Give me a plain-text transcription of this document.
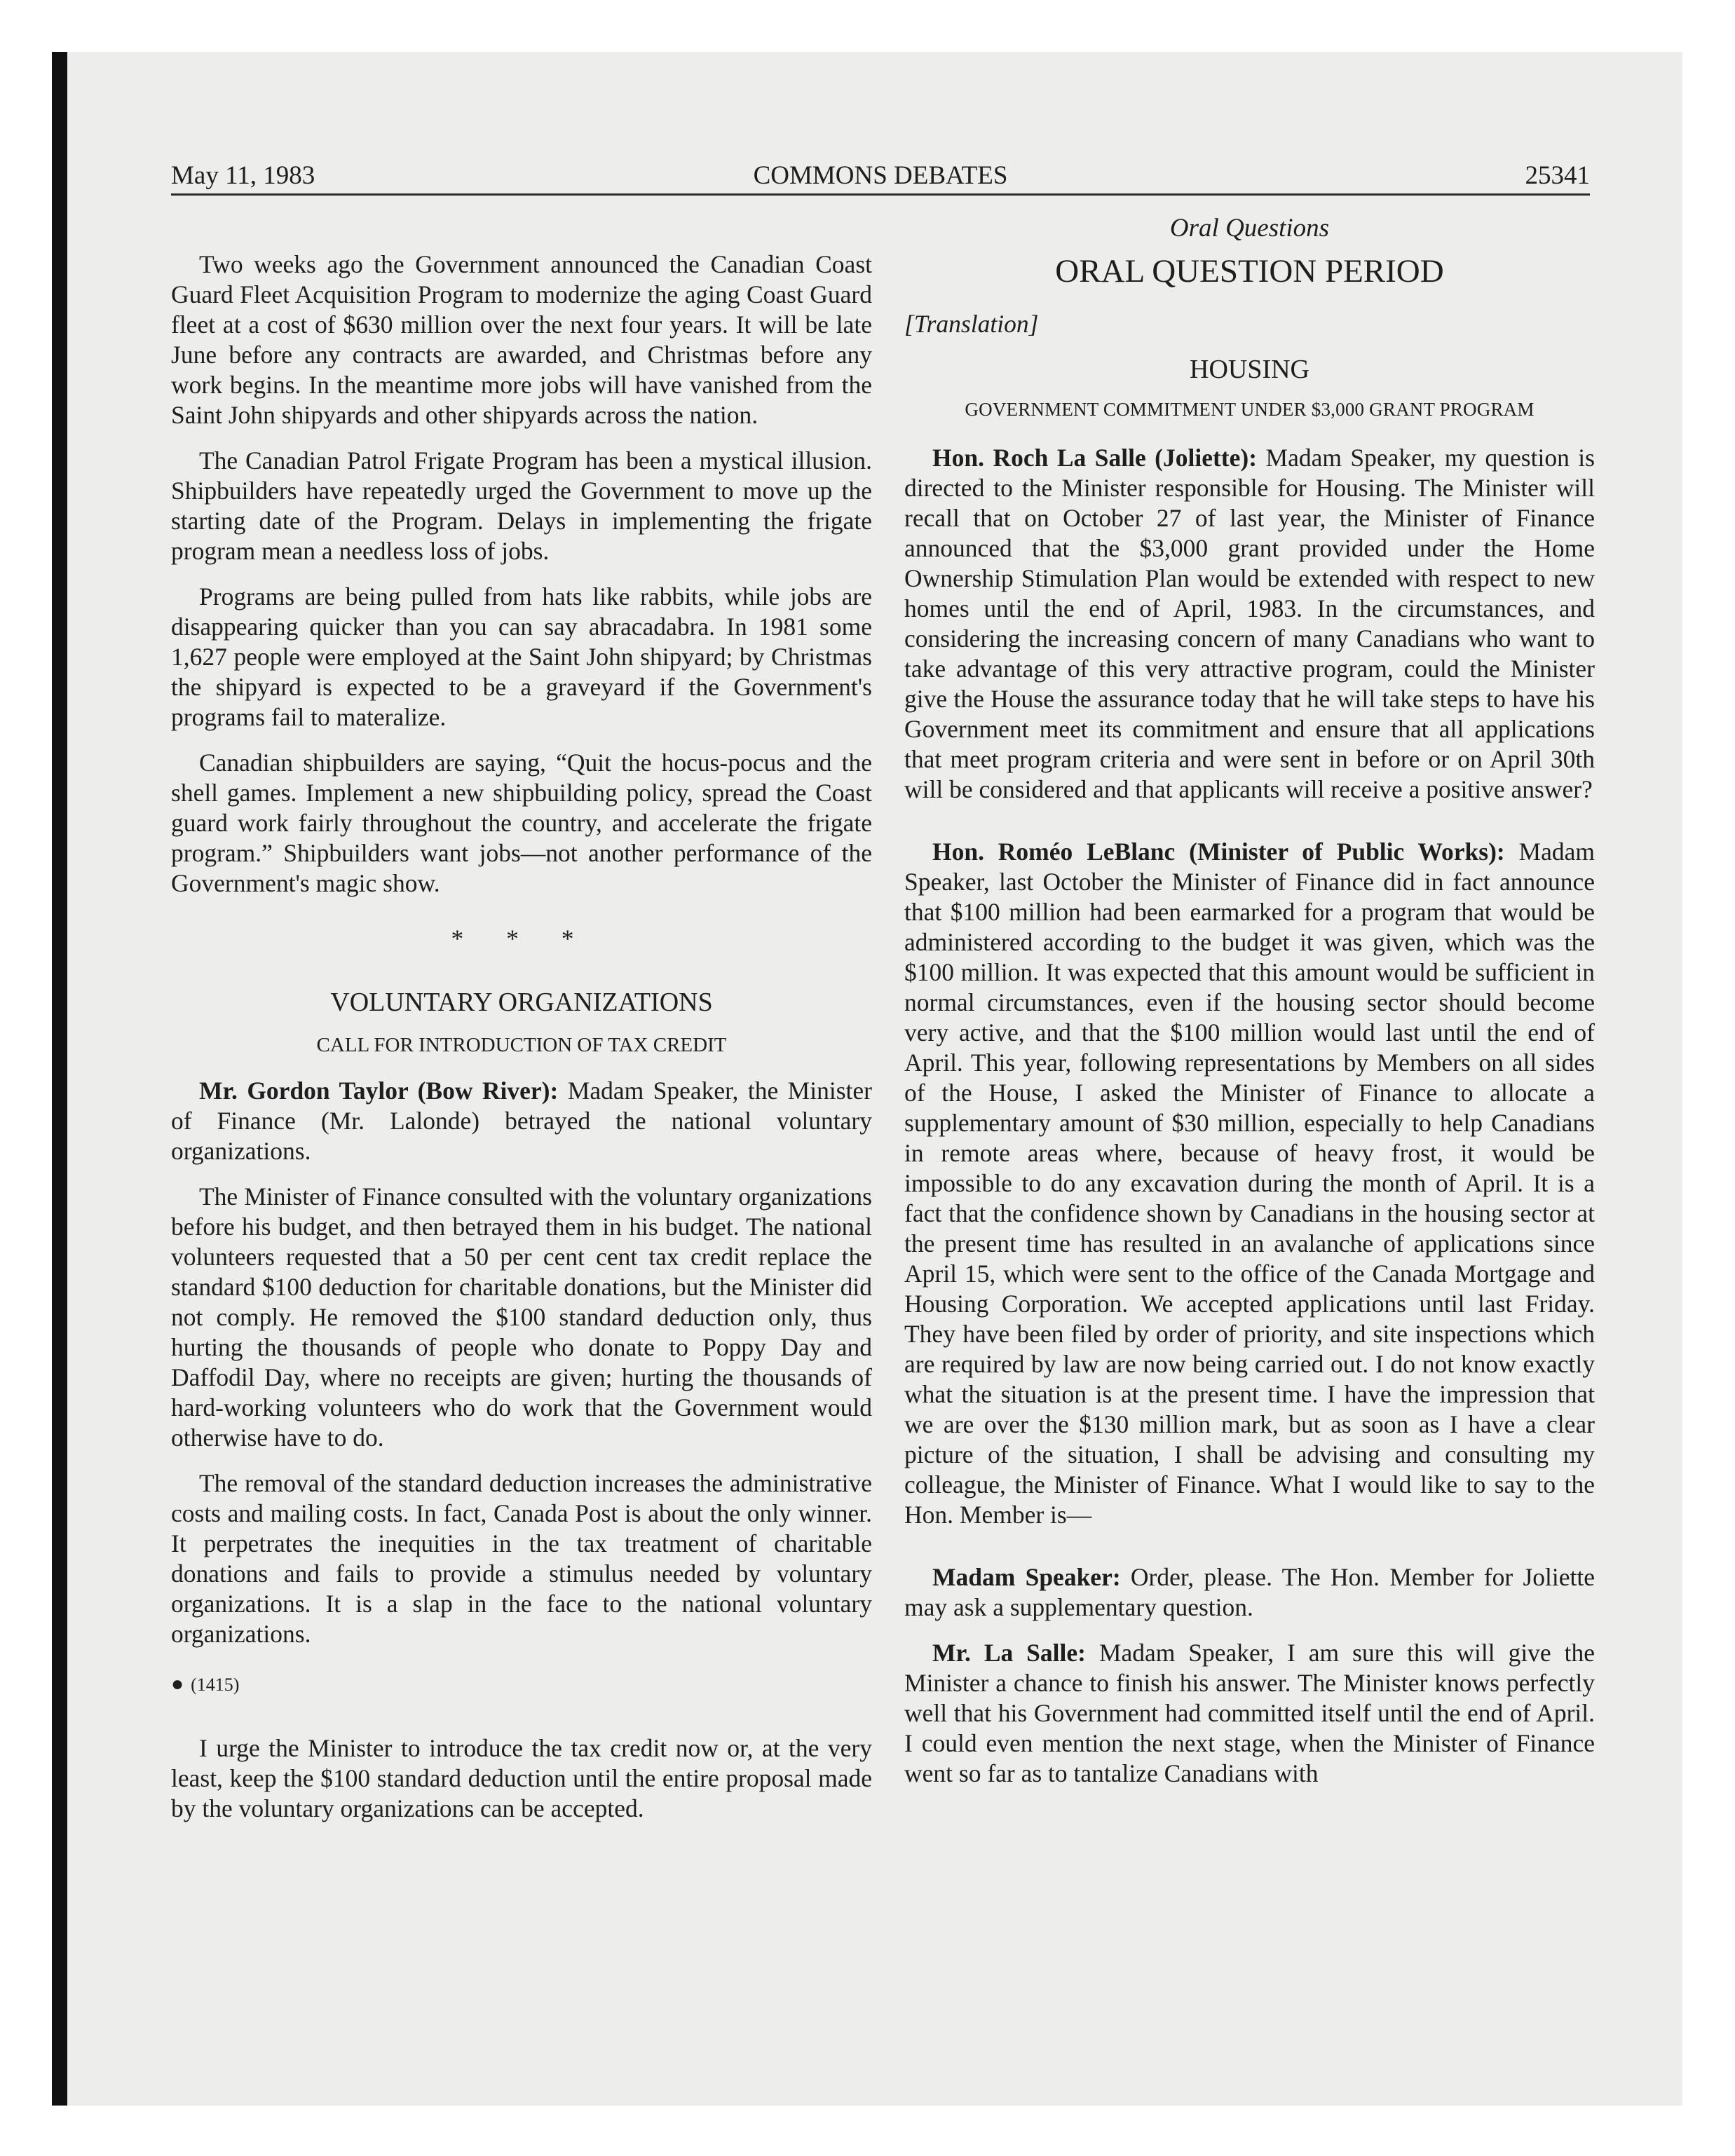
May 11, 1983	COMMONS DEBATES	25341

Two weeks ago the Government announced the Canadian Coast Guard Fleet Acquisition Program to modernize the aging Coast Guard fleet at a cost of $630 million over the next four years. It will be late June before any contracts are awarded, and Christmas before any work begins. In the meantime more jobs will have vanished from the Saint John shipyards and other shipyards across the nation.

The Canadian Patrol Frigate Program has been a mystical illusion. Shipbuilders have repeatedly urged the Government to move up the starting date of the Program. Delays in implementing the frigate program mean a needless loss of jobs.

Programs are being pulled from hats like rabbits, while jobs are disappearing quicker than you can say abracadabra. In 1981 some 1,627 people were employed at the Saint John shipyard; by Christmas the shipyard is expected to be a graveyard if the Government's programs fail to materalize.

Canadian shipbuilders are saying, “Quit the hocus-pocus and the shell games. Implement a new shipbuilding policy, spread the Coast guard work fairly throughout the country, and accelerate the frigate program.” Shipbuilders want jobs—not another performance of the Government's magic show.

* * *
VOLUNTARY ORGANIZATIONS
CALL FOR INTRODUCTION OF TAX CREDIT

Mr. Gordon Taylor (Bow River): Madam Speaker, the Minister of Finance (Mr. Lalonde) betrayed the national voluntary organizations.

The Minister of Finance consulted with the voluntary organizations before his budget, and then betrayed them in his budget. The national volunteers requested that a 50 per cent cent tax credit replace the standard $100 deduction for charitable donations, but the Minister did not comply. He removed the $100 standard deduction only, thus hurting the thousands of people who donate to Poppy Day and Daffodil Day, where no receipts are given; hurting the thousands of hard-working volunteers who do work that the Government would otherwise have to do.

The removal of the standard deduction increases the administrative costs and mailing costs. In fact, Canada Post is about the only winner. It perpetrates the inequities in the tax treatment of charitable donations and fails to provide a stimulus needed by voluntary organizations. It is a slap in the face to the national voluntary organizations.

● (1415)

I urge the Minister to introduce the tax credit now or, at the very least, keep the $100 standard deduction until the entire proposal made by the voluntary organizations can be accepted.

Oral Questions
ORAL QUESTION PERIOD
[Translation]
HOUSING
GOVERNMENT COMMITMENT UNDER $3,000 GRANT PROGRAM

Hon. Roch La Salle (Joliette): Madam Speaker, my question is directed to the Minister responsible for Housing. The Minister will recall that on October 27 of last year, the Minister of Finance announced that the $3,000 grant provided under the Home Ownership Stimulation Plan would be extended with respect to new homes until the end of April, 1983. In the circumstances, and considering the increasing concern of many Canadians who want to take advantage of this very attractive program, could the Minister give the House the assurance today that he will take steps to have his Government meet its commitment and ensure that all applications that meet program criteria and were sent in before or on April 30th will be considered and that applicants will receive a positive answer?

Hon. Roméo LeBlanc (Minister of Public Works): Madam Speaker, last October the Minister of Finance did in fact announce that $100 million had been earmarked for a program that would be administered according to the budget it was given, which was the $100 million. It was expected that this amount would be sufficient in normal circumstances, even if the housing sector should become very active, and that the $100 million would last until the end of April. This year, following representations by Members on all sides of the House, I asked the Minister of Finance to allocate a supplementary amount of $30 million, especially to help Canadians in remote areas where, because of heavy frost, it would be impossible to do any excavation during the month of April. It is a fact that the confidence shown by Canadians in the housing sector at the present time has resulted in an avalanche of applications since April 15, which were sent to the office of the Canada Mortgage and Housing Corporation. We accepted applications until last Friday. They have been filed by order of priority, and site inspections which are required by law are now being carried out. I do not know exactly what the situation is at the present time. I have the impression that we are over the $130 million mark, but as soon as I have a clear picture of the situation, I shall be advising and consulting my colleague, the Minister of Finance. What I would like to say to the Hon. Member is—

Madam Speaker: Order, please. The Hon. Member for Joliette may ask a supplementary question.

Mr. La Salle: Madam Speaker, I am sure this will give the Minister a chance to finish his answer. The Minister knows perfectly well that his Government had committed itself until the end of April. I could even mention the next stage, when the Minister of Finance went so far as to tantalize Canadians with
